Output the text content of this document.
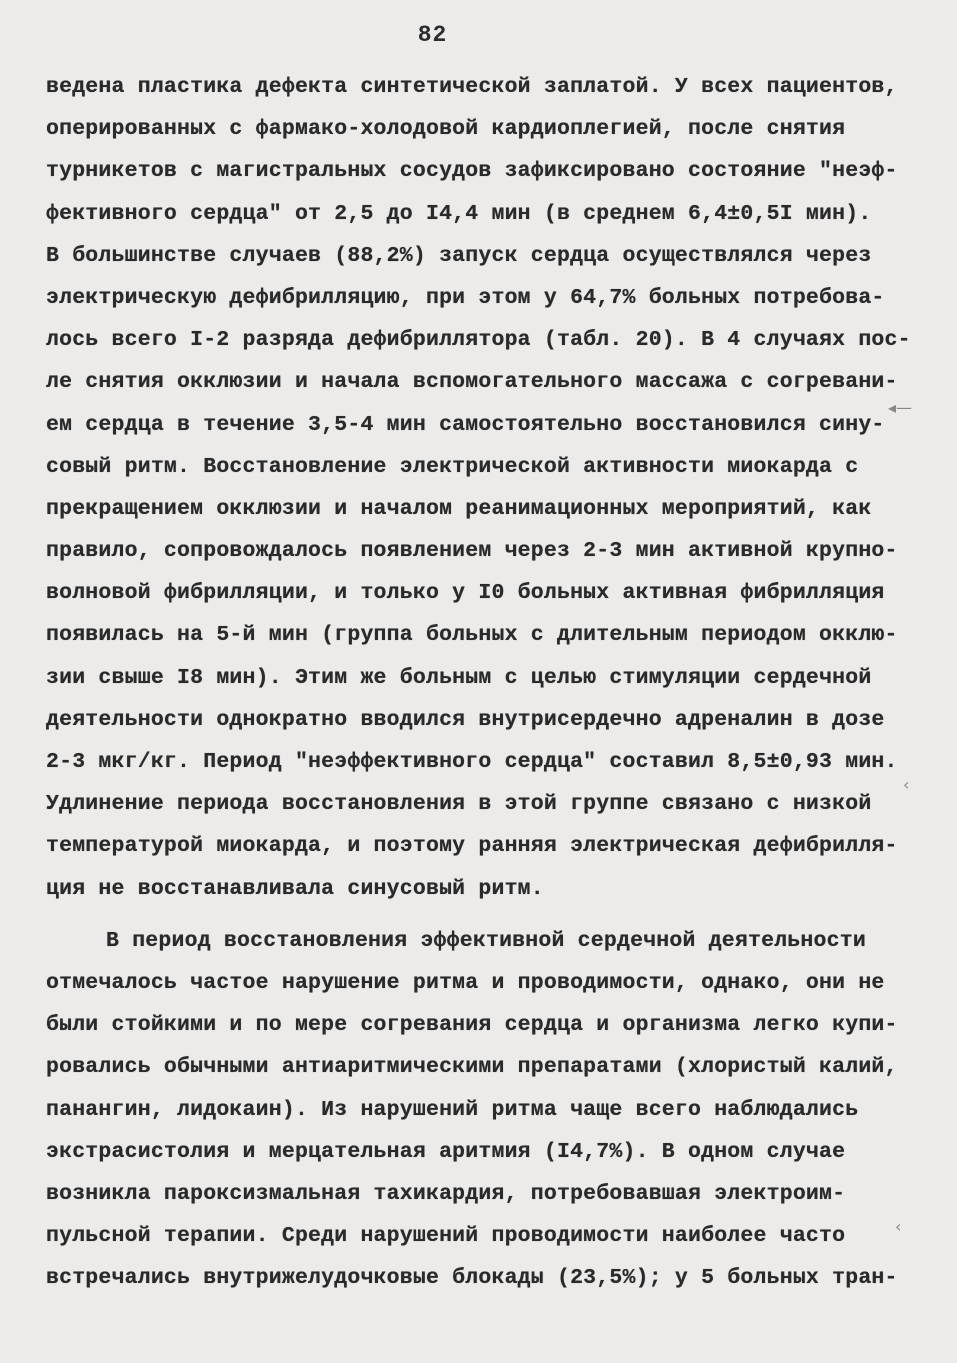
82
ведена пластика дефекта синтетической заплатой. У всех пациентов,
оперированных с фармако-холодовой кардиоплегией, после снятия
турникетов с магистральных сосудов зафиксировано состояние "неэф-
фективного сердца" от 2,5 до I4,4 мин (в среднем 6,4±0,5I мин).
В большинстве случаев (88,2%) запуск сердца осуществлялся через
электрическую дефибрилляцию, при этом у 64,7% больных потребова-
лось всего I-2 разряда дефибриллятора (табл. 20). В 4 случаях пос-
ле снятия окклюзии и начала вспомогательного массажа с согревани-
ем сердца в течение 3,5-4 мин самостоятельно восстановился сину-
совый ритм. Восстановление электрической активности миокарда с
прекращением окклюзии и началом реанимационных мероприятий, как
правило, сопровождалось появлением через 2-3 мин активной крупно-
волновой фибрилляции, и только у I0 больных активная фибрилляция
появилась на 5-й мин (группа больных с длительным периодом окклю-
зии свыше I8 мин). Этим же больным с целью стимуляции сердечной
деятельности однократно вводился внутрисердечно адреналин в дозе
2-3 мкг/кг. Период "неэффективного сердца" составил 8,5±0,93 мин.
Удлинение периода восстановления в этой группе связано с низкой
температурой миокарда, и поэтому ранняя электрическая дефибрилля-
ция не восстанавливала синусовый ритм.
В период восстановления эффективной сердечной деятельности
отмечалось частое нарушение ритма и проводимости, однако, они не
были стойкими и по мере согревания сердца и организма легко купи-
ровались обычными антиаритмическими препаратами (хлористый калий,
панангин, лидокаин). Из нарушений ритма чаще всего наблюдались
экстрасистолия и мерцательная аритмия (I4,7%). В одном случае
возникла пароксизмальная тахикардия, потребовавшая электроим-
пульсной терапии. Среди нарушений проводимости наиболее часто
встречались внутрижелудочковые блокады (23,5%); у 5 больных тран-
◂—
‹
‹
